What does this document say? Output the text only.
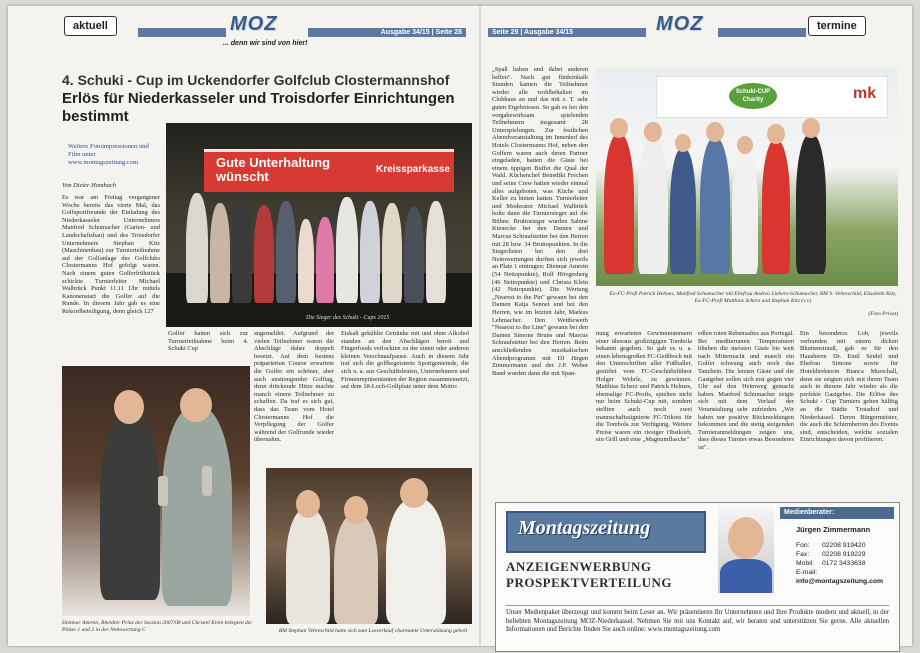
aktuell	MOZ
... denn wir sind von hier!
Ausgabe 34/15 | Seite 28	Seite 29 | Ausgabe 34/15	MOZ	termine
4. Schuki - Cup im Uckendorfer Golfclub Clostermannshof
Erlös für Niederkasseler und Troisdorfer Einrichtungen bestimmt
Weitere Fotoimpressionen und Film unter www.montagszeitung.com
Von Dieter Hombach
Es war am Freitag vergangener Woche bereits das vierte Mal, das Golfsportfreunde der Einladung des Niederkasseler Unternehmers Manfred Schumacher (Garten- und Landschaftsbau) und des Troisdorfer Unternehmers Stephan Kitz (Maschinenbau) zur Turnierteilnahme auf der Golfanlage des Golfclubs Clostermanns Hof gefolgt waren. Nach einem guten Golferfrühstück schickte Turnierleiter Michael Walbrück Punkt 11.11 Uhr mittels Kanonenstart die Golfer auf die Runde. In diesem Jahr gab es eine Rekordbeteiligung, denn gleich 127
Gute Unterhaltung wünscht	Kreissparkasse
Die Sieger des Schuki - Cups 2015
Golfer hatten sich zur Turnierteilnahme beim 4. Schuki Cup
angemeldet. Aufgrund der vielen Teilnehmer waren die Abschläge daher doppelt besetzt. Auf dem bestens präparierten Course erwartete die Golfer ein schöner, aber auch anstrengender Golftag, denn drückende Hitze machte manch einem Teilnehmer zu schaffen. Da traf es sich gut, dass das Team vom Hotel Clostermanns Hof die Verpflegung der Golfer während der Golfrunde wieder übernahm.
Eiskalt gekühlte Getränke mit und ohne Alkohol standen an den Abschlägen bereit und Fingerfoods verlockten zu der einen oder anderen kleinen Verschnaufpause. Auch in diesem Jahr traf sich die golfbegeisterte Sportgemeinde, die sich u. a. aus Geschäftsleuten, Unternehmern und Firmenrepräsentanten der Region zusammensetzt, auf dem 18-Loch-Golfplatz unter dem Motto:
Dietmar Amrein, Rheidter Prinz der Session 2007/08 und Christel Klein belegten die Plätze 1 und 2 in der Nettowertung C	BM Stephan Vehreschild hatte sich zum Losverkauf charmante Unterstützung geholt
„Spaß haben und dabei anderen helfen". Nach gut fünfeinhalb Stunden kamen die Teilnehmer wieder alle wohlbehalten im Clubhaus an und das mit z. T. sehr guten Ergebnissen. So gab es bei den vorgabewirksam spielenden Teilnehmern insgesamt 28 Unterspielungen. Zur festlichen Abendveranstaltung im Innenhof des Hotels Clostermanns Hof, neben den Golfern waren auch deren Partner eingeladen, hatten die Gäste bei einem üppigen Buffet die Qual der Wahl. Küchenchef Benedikt Frechen und seine Crew hatten wieder einmal alles aufgeboten, was Küche und Keller zu bieten hatten. Turnierleiter und Moderator Michael Walbrück holte dann die Turniersieger auf die Bühne. Bruttosieger wurden Sabine Kienecke bei den Damen und Marcus Schraufstetter bei den Herren mit 28 bzw. 34 Bruttopunkten. In die Siegerlisten bei den drei Nettowertungen durften sich jeweils an Platz 1 eintragen: Dietmar Amrein (54 Nettopunkte), Rolf Hövgesberg (46 Nettopunkte) und Christa Klein (42 Nettopunkte). Die Wertung „Nearest to the Pin" gewann bei den Damen Katja Sennet und bei den Herren, wie im letzten Jahr, Markus Lehmacher. Den Wettbewerb "Nearest to the Line" gewann bei den Damen Simone Bruns und Marcus Schraufstetter bei den Herren. Beim anschließenden musikalischen Abendprogramm mit DJ Jürgen Zimmermann und der J.P. Weber Band wurden dann die mit Span-
Schuki-CUP Charity	mk
Ex-FC-Profi Patrick Helmes, Manfred Schumacher mit Ehefrau Andrea Liebers-Schumacher, BM S. Vehreschild, Elisabeth Kitz, Ex-FC-Profi Matthias Scherz und Stephan Kitz (v.r.)
(Foto Privat)
nung erwarteten Gewinnnummern einer überaus großzügigen Tombola bekannt gegeben. So gab es u. a. einen lebensgroßen FC-Geißbock mit den Unterschriften aller Fußballer, gestiftet vom FC-Geschäftsführer Holger Wehrle, zu gewinnen. Matthias Scherz und Patrick Helmes, ehemalige FC-Profis, spielten nicht nur beim Schuki-Cup mit, sondern stellten auch noch zwei mannschaftssignierte FC-Trikots für die Tombola zur Verfügung. Weitere Preise waren ein riesiger Obstkorb, ein Grill und eine „Magnumflasche"
edlen roten Rebensaftes aus Portugal. Bei mediterranen Temperaturen blieben die meisten Gäste bis weit nach Mitternacht und manch ein Golfer schwang auch noch das Tanzbein. Die letzten Gäste und die Gastgeber sollen sich erst gegen vier Uhr auf den Heimweg gemacht haben. Manfred Schumacher zeigte sich mit dem Verlauf der Veranstaltung sehr zufrieden. „Wir haben nur positive Rückmeldungen bekommen und die stetig steigenden Turnieranmeldungen zeigen uns, dass dieses Turnier etwas Besonderes ist".
Ein besonderes Lob, jeweils verbunden mit einem dicken Blumenstrauß, gab es für den Hausherrn Dr. Emil Seidel und Ehefrau Simone sowie für Hoteldirektorin Bianca Murschall, denn sie zeigten sich mit ihrem Team auch in diesem Jahr wieder als die perfekte Gastgeber. Die Erlöse des Schuki - Cup Turniers gehen hälftig an die Städte Troisdorf und Niederkassel. Deren Bürgermeister, die auch die Schirmherren des Events sind, entscheiden, welche sozialen Einrichtungen davon profitieren.
Montagszeitung
ANZEIGENWERBUNG
PROSPEKTVERTEILUNG
Medienberater:
Jürgen Zimmermann
Fon: 02208 919420
Fax: 02208 919229
Mobil: 0172 3433638
E-mail:
info@montagszeitung.com
Unser Medienpaket überzeugt und kommt beim Leser an. Wir präsentieren Ihr Unternehmen und Ihre Produkte modern und aktuell, in der beliebten Montagszeitung MOZ-Niederkassel. Nehmen Sie mit uns Kontakt auf, wir beraten und unterstützen Sie gerne. Alle aktuellen Informationen und Berichte finden Sie auch online: www.montagszeitung.com
